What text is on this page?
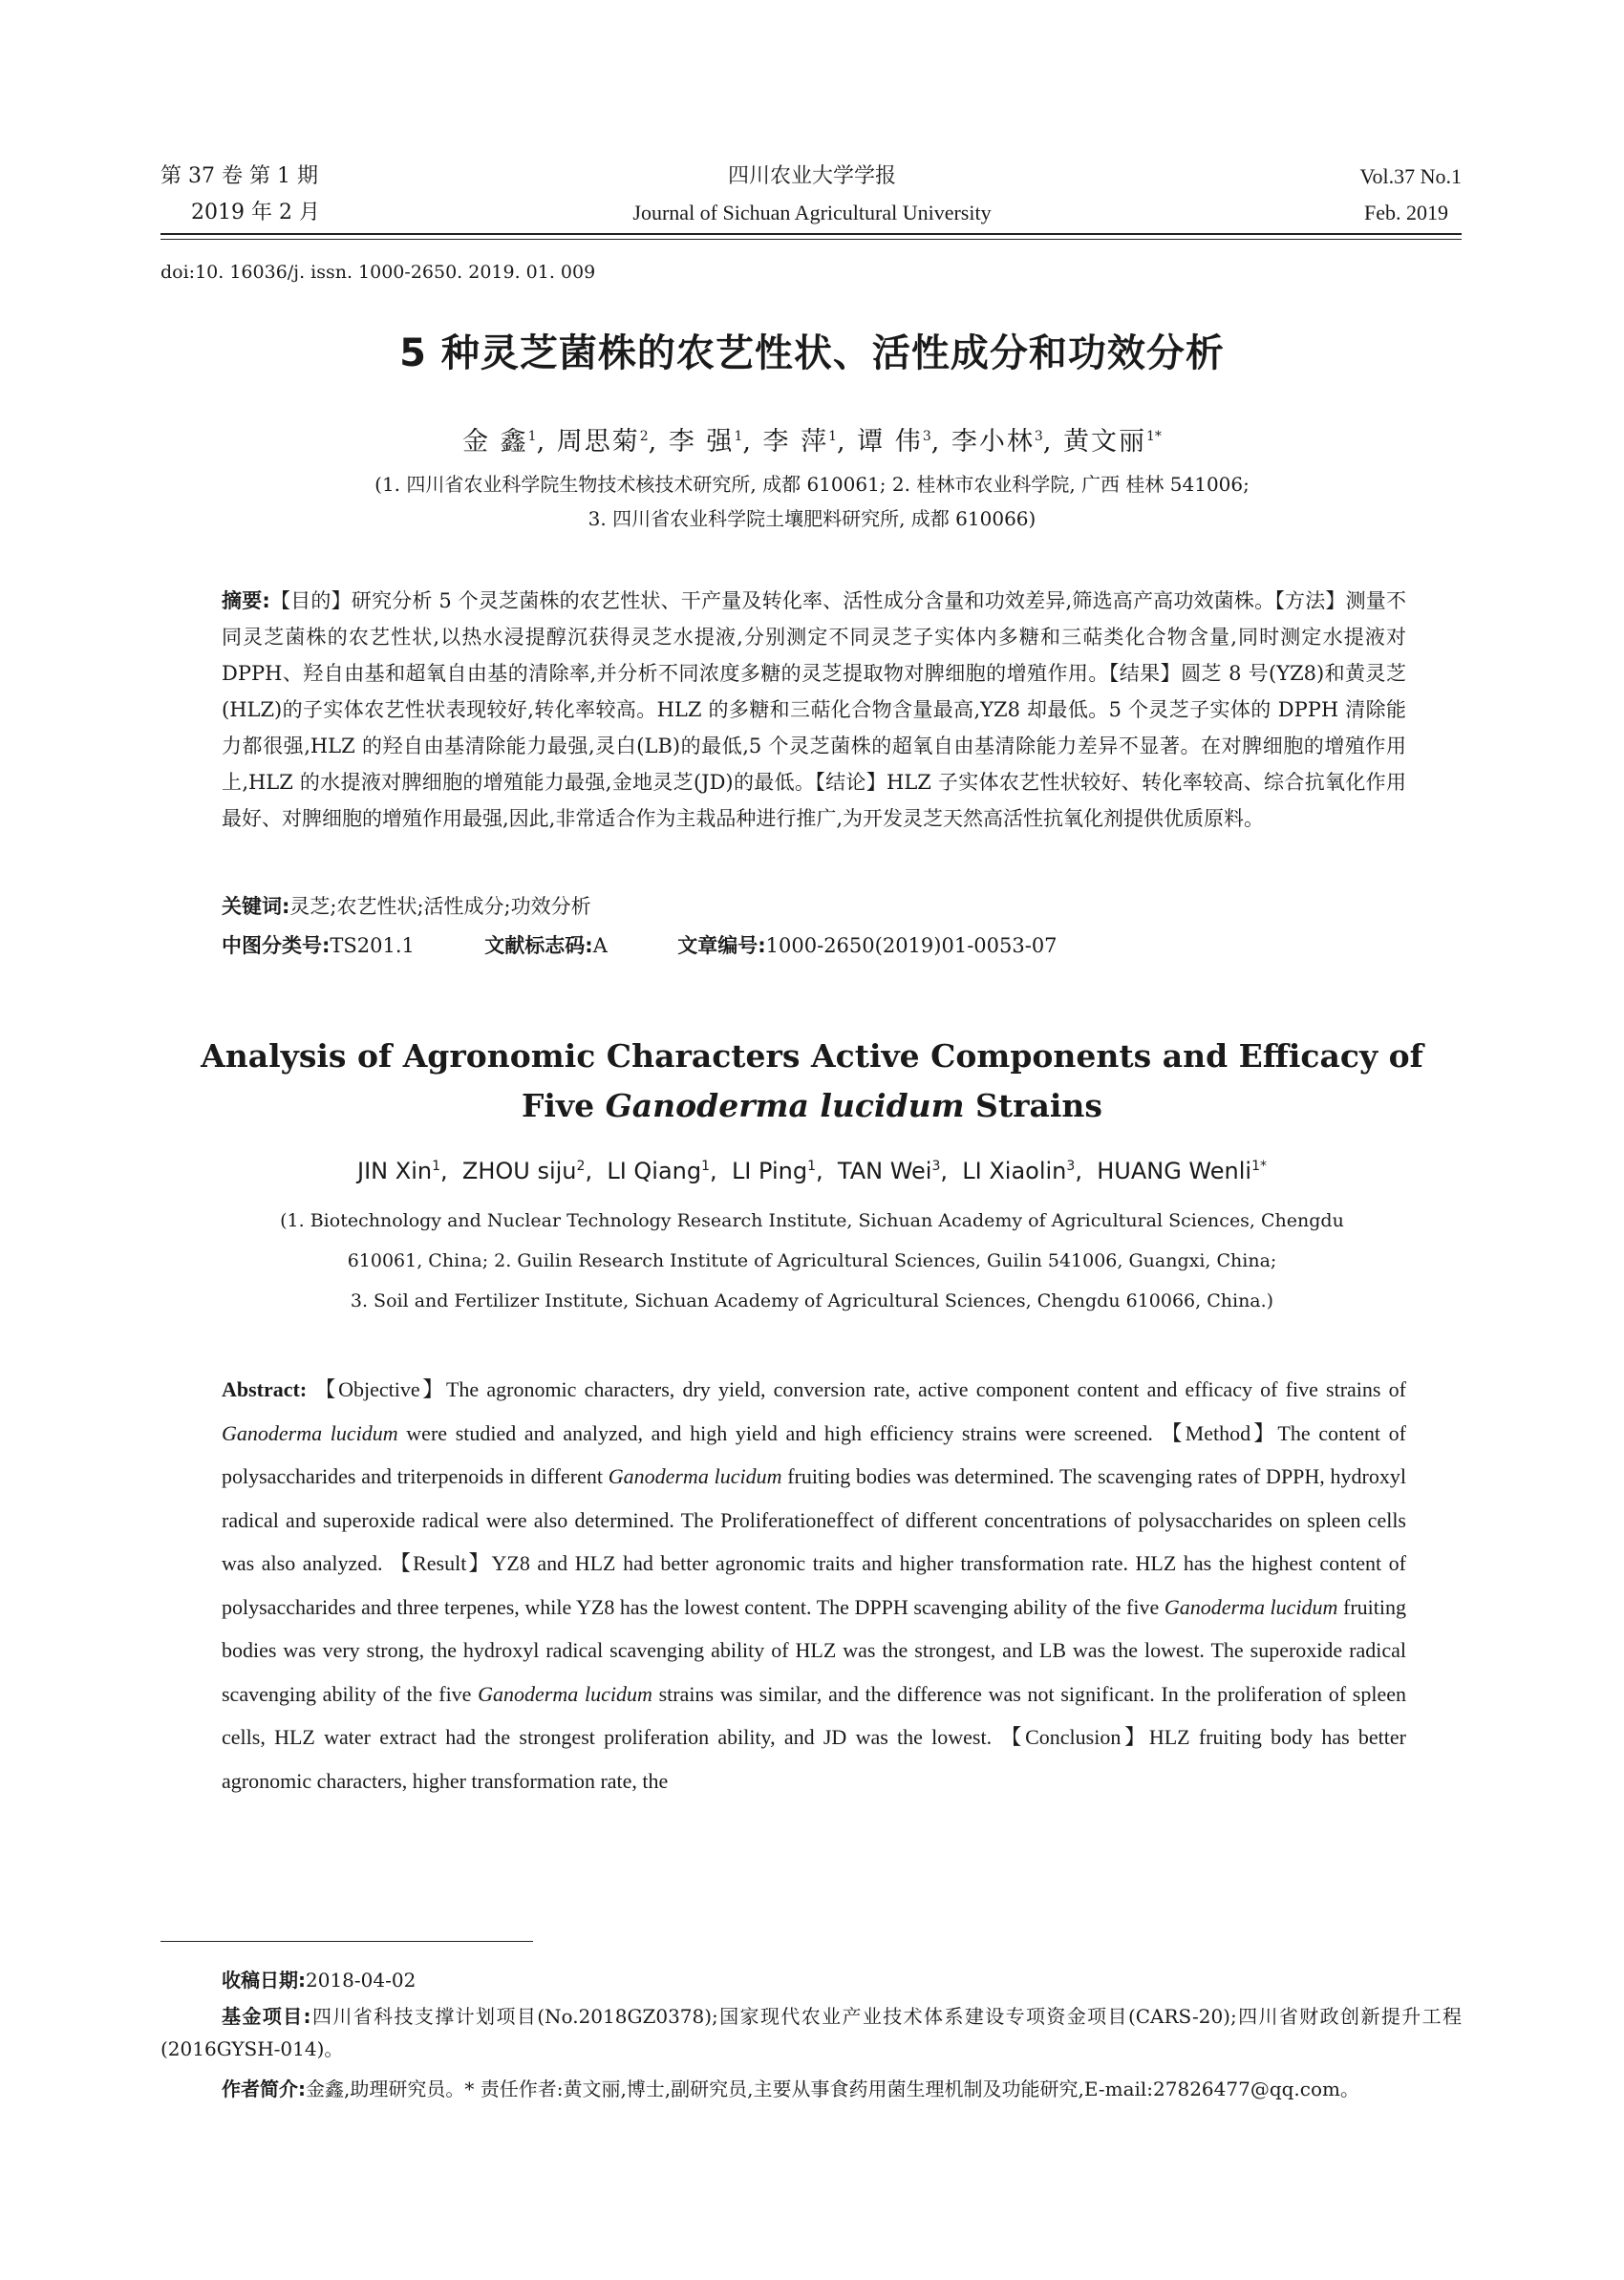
第 37 卷 第 1 期
2019 年 2 月
四川农业大学学报
Journal of Sichuan Agricultural University
Vol.37 No.1
Feb. 2019
doi:10. 16036/j. issn. 1000-2650. 2019. 01. 009
5 种灵芝菌株的农艺性状、活性成分和功效分析
金 鑫$^1$, 周思菊$^2$, 李 强$^1$, 李 萍$^1$, 谭 伟$^3$, 李小林$^3$, 黄文丽$^{1*}$
(1. 四川省农业科学院生物技术核技术研究所, 成都 610061; 2. 桂林市农业科学院, 广西 桂林 541006;
3. 四川省农业科学院土壤肥料研究所, 成都 610066)
摘要:【目的】研究分析 5 个灵芝菌株的农艺性状、干产量及转化率、活性成分含量和功效差异,筛选高产高功效菌株。【方法】测量不同灵芝菌株的农艺性状,以热水浸提醇沉获得灵芝水提液,分别测定不同灵芝子实体内多糖和三萜类化合物含量,同时测定水提液对 DPPH、羟自由基和超氧自由基的清除率,并分析不同浓度多糖的灵芝提取物对脾细胞的增殖作用。【结果】圆芝 8 号(YZ8)和黄灵芝(HLZ)的子实体农艺性状表现较好,转化率较高。HLZ 的多糖和三萜化合物含量最高,YZ8 却最低。5 个灵芝子实体的 DPPH 清除能力都很强,HLZ 的羟自由基清除能力最强,灵白(LB)的最低,5 个灵芝菌株的超氧自由基清除能力差异不显著。在对脾细胞的增殖作用上,HLZ 的水提液对脾细胞的增殖能力最强,金地灵芝(JD)的最低。【结论】HLZ 子实体农艺性状较好、转化率较高、综合抗氧化作用最好、对脾细胞的增殖作用最强,因此,非常适合作为主栽品种进行推广,为开发灵芝天然高活性抗氧化剂提供优质原料。
关键词:灵芝;农艺性状;活性成分;功效分析
中图分类号:TS201.1	文献标志码:A	文章编号:1000-2650(2019)01-0053-07
Analysis of Agronomic Characters Active Components and Efficacy of
Five Ganoderma lucidum Strains
JIN Xin$^1$,  ZHOU siju$^2$,  LI Qiang$^1$,  LI Ping$^1$,  TAN Wei$^3$,  LI Xiaolin$^3$,  HUANG Wenli$^{1*}$
(1. Biotechnology and Nuclear Technology Research Institute, Sichuan Academy of Agricultural Sciences, Chengdu
610061, China; 2. Guilin Research Institute of Agricultural Sciences, Guilin 541006, Guangxi, China;
3. Soil and Fertilizer Institute, Sichuan Academy of Agricultural Sciences, Chengdu 610066, China.)
Abstract: 【Objective】The agronomic characters, dry yield, conversion rate, active component content and efficacy of five strains of Ganoderma lucidum were studied and analyzed, and high yield and high efficiency strains were screened. 【Method】The content of polysaccharides and triterpenoids in different Ganoderma lucidum fruiting bodies was determined. The scavenging rates of DPPH, hydroxyl radical and superoxide radical were also determined. The Proliferationeffect of different concentrations of polysaccharides on spleen cells was also analyzed. 【Result】YZ8 and HLZ had better agronomic traits and higher transformation rate. HLZ has the highest content of polysaccharides and three terpenes, while YZ8 has the lowest content. The DPPH scavenging ability of the five Ganoderma lucidum fruiting bodies was very strong, the hydroxyl radical scavenging ability of HLZ was the strongest, and LB was the lowest. The superoxide radical scavenging ability of the five Ganoderma lucidum strains was similar, and the difference was not significant. In the proliferation of spleen cells, HLZ water extract had the strongest proliferation ability, and JD was the lowest. 【Conclusion】HLZ fruiting body has better agronomic characters, higher transformation rate, the
收稿日期:2018-04-02
基金项目:四川省科技支撑计划项目(No.2018GZ0378);国家现代农业产业技术体系建设专项资金项目(CARS-20);四川省财政创新提升工程(2016GYSH-014)。
作者简介:金鑫,助理研究员。* 责任作者:黄文丽,博士,副研究员,主要从事食药用菌生理机制及功能研究,E-mail:27826477@qq.com。
